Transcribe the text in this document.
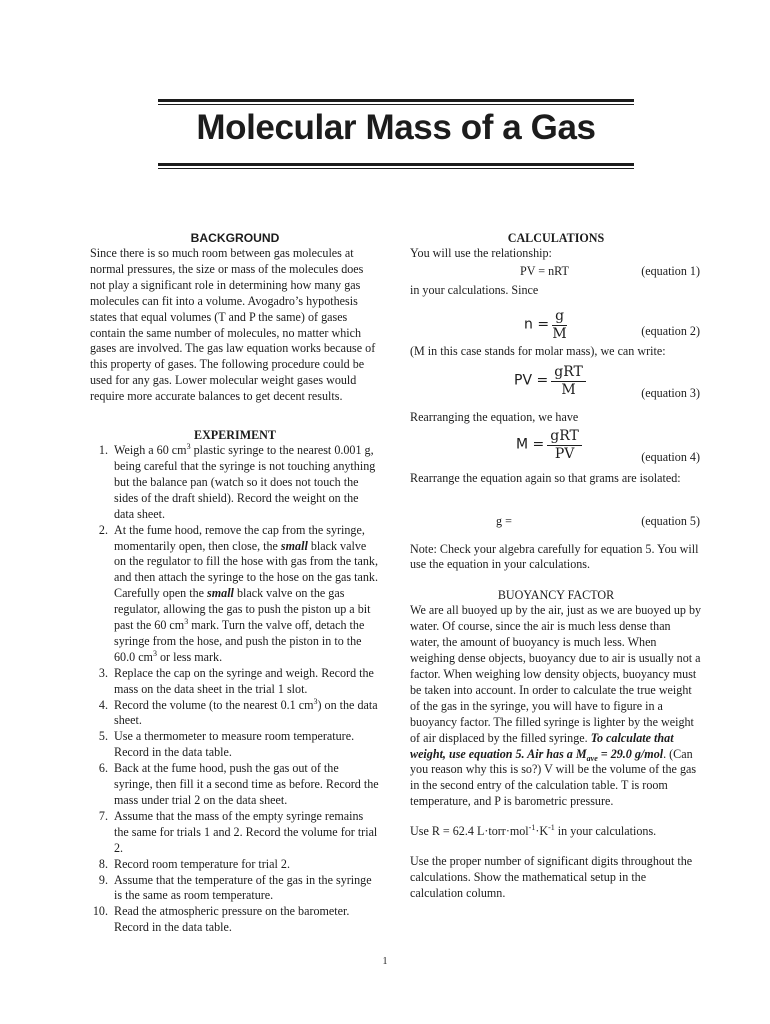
Molecular Mass of a Gas
BACKGROUND

Since there is so much room between gas molecules at normal pressures, the size or mass of the molecules does not play a significant role in determining how many gas molecules can fit into a volume. Avogadro’s hypothesis states that equal volumes (T and P the same) of gases contain the same number of molecules, no matter which gases are involved. The gas law equation works because of this property of gases. The following procedure could be used for any gas. Lower molecular weight gases would require more accurate balances to get decent results.

EXPERIMENT
1. Weigh a 60 $cm^3$ plastic syringe to the nearest 0.001 g, being careful that the syringe is not touching anything but the balance pan (watch so it does not touch the sides of the draft shield). Record the weight on the data sheet.
2. At the fume hood, remove the cap from the syringe, momentarily open, then close, the small black valve on the regulator to fill the hose with gas from the tank, and then attach the syringe to the hose on the gas tank. Carefully open the small black valve on the gas regulator, allowing the gas to push the piston up a bit past the 60 $cm^3$ mark. Turn the valve off, detach the syringe from the hose, and push the piston in to the 60.0 $cm^3$ or less mark.
3. Replace the cap on the syringe and weigh. Record the mass on the data sheet in the trial 1 slot.
4. Record the volume (to the nearest 0.1 $cm^3$) on the data sheet.
5. Use a thermometer to measure room temperature. Record in the data table.
6. Back at the fume hood, push the gas out of the syringe, then fill it a second time as before. Record the mass under trial 2 on the data sheet.
7. Assume that the mass of the empty syringe remains the same for trials 1 and 2. Record the volume for trial 2.
8. Record room temperature for trial 2.
9. Assume that the temperature of the gas in the syringe is the same as room temperature.
10. Read the atmospheric pressure on the barometer. Record in the data table.
CALCULATIONS

You will use the relationship:

PV = nRT	(equation 1)

in your calculations. Since

$n = \frac{g}{M}$	(equation 2)

(M in this case stands for molar mass), we can write:

PV = $\frac{\text{gRT}}{M}$	(equation 3)

Rearranging the equation, we have

$M = \frac{\text{gRT}}{PV}$	(equation 4)

Rearrange the equation again so that grams are isolated:

g =	(equation 5)

Note: Check your algebra carefully for equation 5. You will use the equation in your calculations.

BUOYANCY FACTOR

We are all buoyed up by the air, just as we are buoyed up by water. Of course, since the air is much less dense than water, the amount of buoyancy is much less. When weighing dense objects, buoyancy due to air is usually not a factor. When weighing low density objects, buoyancy must be taken into account. In order to calculate the true weight of the gas in the syringe, you will have to figure in a buoyancy factor. The filled syringe is lighter by the weight of air displaced by the filled syringe. To calculate that weight, use equation 5. Air has a $M_{ave} = 29.0$ g/mol. (Can you reason why this is so?) V will be the volume of the gas in the second entry of the calculation table. T is room temperature, and P is barometric pressure.

Use R = 62.4 $L\cdot torr\cdot mol^{-1}\cdot K^{-1}$ in your calculations.

Use the proper number of significant digits throughout the calculations. Show the mathematical setup in the calculation column.

1
